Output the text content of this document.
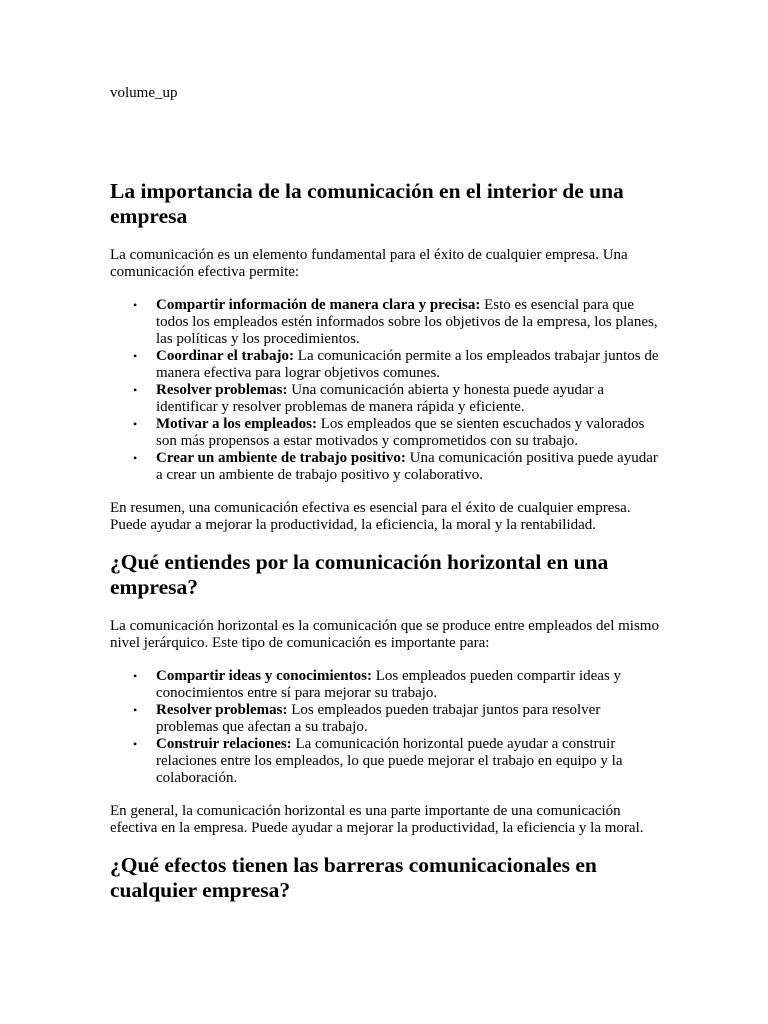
volume_up

La importancia de la comunicación en el interior de una empresa

La comunicación es un elemento fundamental para el éxito de cualquier empresa. Una comunicación efectiva permite:

• Compartir información de manera clara y precisa: Esto es esencial para que todos los empleados estén informados sobre los objetivos de la empresa, los planes, las políticas y los procedimientos.
• Coordinar el trabajo: La comunicación permite a los empleados trabajar juntos de manera efectiva para lograr objetivos comunes.
• Resolver problemas: Una comunicación abierta y honesta puede ayudar a identificar y resolver problemas de manera rápida y eficiente.
• Motivar a los empleados: Los empleados que se sienten escuchados y valorados son más propensos a estar motivados y comprometidos con su trabajo.
• Crear un ambiente de trabajo positivo: Una comunicación positiva puede ayudar a crear un ambiente de trabajo positivo y colaborativo.

En resumen, una comunicación efectiva es esencial para el éxito de cualquier empresa. Puede ayudar a mejorar la productividad, la eficiencia, la moral y la rentabilidad.

¿Qué entiendes por la comunicación horizontal en una empresa?

La comunicación horizontal es la comunicación que se produce entre empleados del mismo nivel jerárquico. Este tipo de comunicación es importante para:

• Compartir ideas y conocimientos: Los empleados pueden compartir ideas y conocimientos entre sí para mejorar su trabajo.
• Resolver problemas: Los empleados pueden trabajar juntos para resolver problemas que afectan a su trabajo.
• Construir relaciones: La comunicación horizontal puede ayudar a construir relaciones entre los empleados, lo que puede mejorar el trabajo en equipo y la colaboración.

En general, la comunicación horizontal es una parte importante de una comunicación efectiva en la empresa. Puede ayudar a mejorar la productividad, la eficiencia y la moral.

¿Qué efectos tienen las barreras comunicacionales en cualquier empresa?
